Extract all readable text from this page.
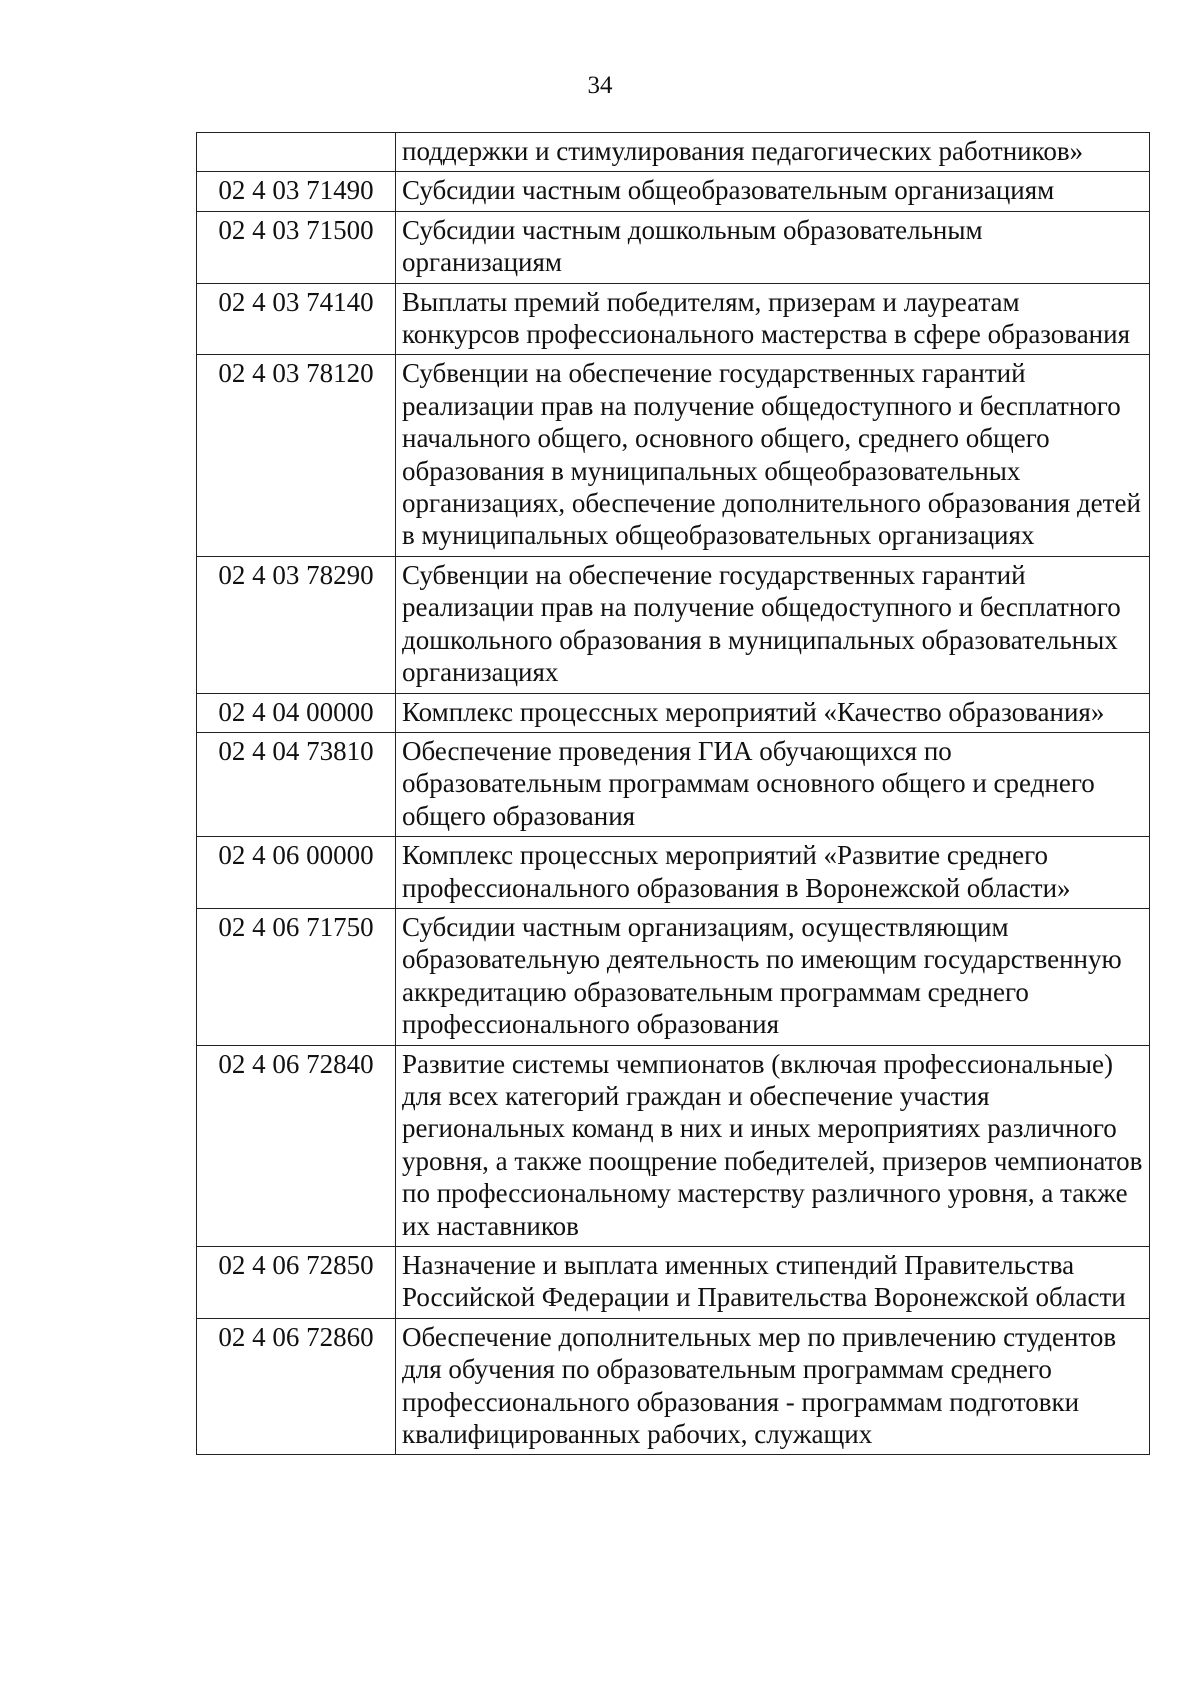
34
	поддержки и стимулирования педагогических работников»
02 4 03 71490	Субсидии частным общеобразовательным организациям
02 4 03 71500	Субсидии частным дошкольным образовательным организациям
02 4 03 74140	Выплаты премий победителям, призерам и лауреатам конкурсов профессионального мастерства в сфере образования
02 4 03 78120	Субвенции на обеспечение государственных гарантий реализации прав на получение общедоступного и бесплатного начального общего, основного общего, среднего общего образования в муниципальных общеобразовательных организациях, обеспечение дополнительного образования детей в муниципальных общеобразовательных организациях
02 4 03 78290	Субвенции на обеспечение государственных гарантий реализации прав на получение общедоступного и бесплатного дошкольного образования в муниципальных образовательных организациях
02 4 04 00000	Комплекс процессных мероприятий «Качество образования»
02 4 04 73810	Обеспечение проведения ГИА обучающихся по образовательным программам основного общего и среднего общего образования
02 4 06 00000	Комплекс процессных мероприятий «Развитие среднего профессионального образования в Воронежской области»
02 4 06 71750	Субсидии частным организациям, осуществляющим образовательную деятельность по имеющим государственную аккредитацию образовательным программам среднего профессионального образования
02 4 06 72840	Развитие системы чемпионатов (включая профессиональные) для всех категорий граждан и обеспечение участия региональных команд в них и иных мероприятиях различного уровня, а также поощрение победителей, призеров чемпионатов по профессиональному мастерству различного уровня, а также их наставников
02 4 06 72850	Назначение и выплата именных стипендий Правительства Российской Федерации и Правительства Воронежской области
02 4 06 72860	Обеспечение дополнительных мер по привлечению студентов для обучения по образовательным программам среднего профессионального образования - программам подготовки квалифицированных рабочих, служащих
